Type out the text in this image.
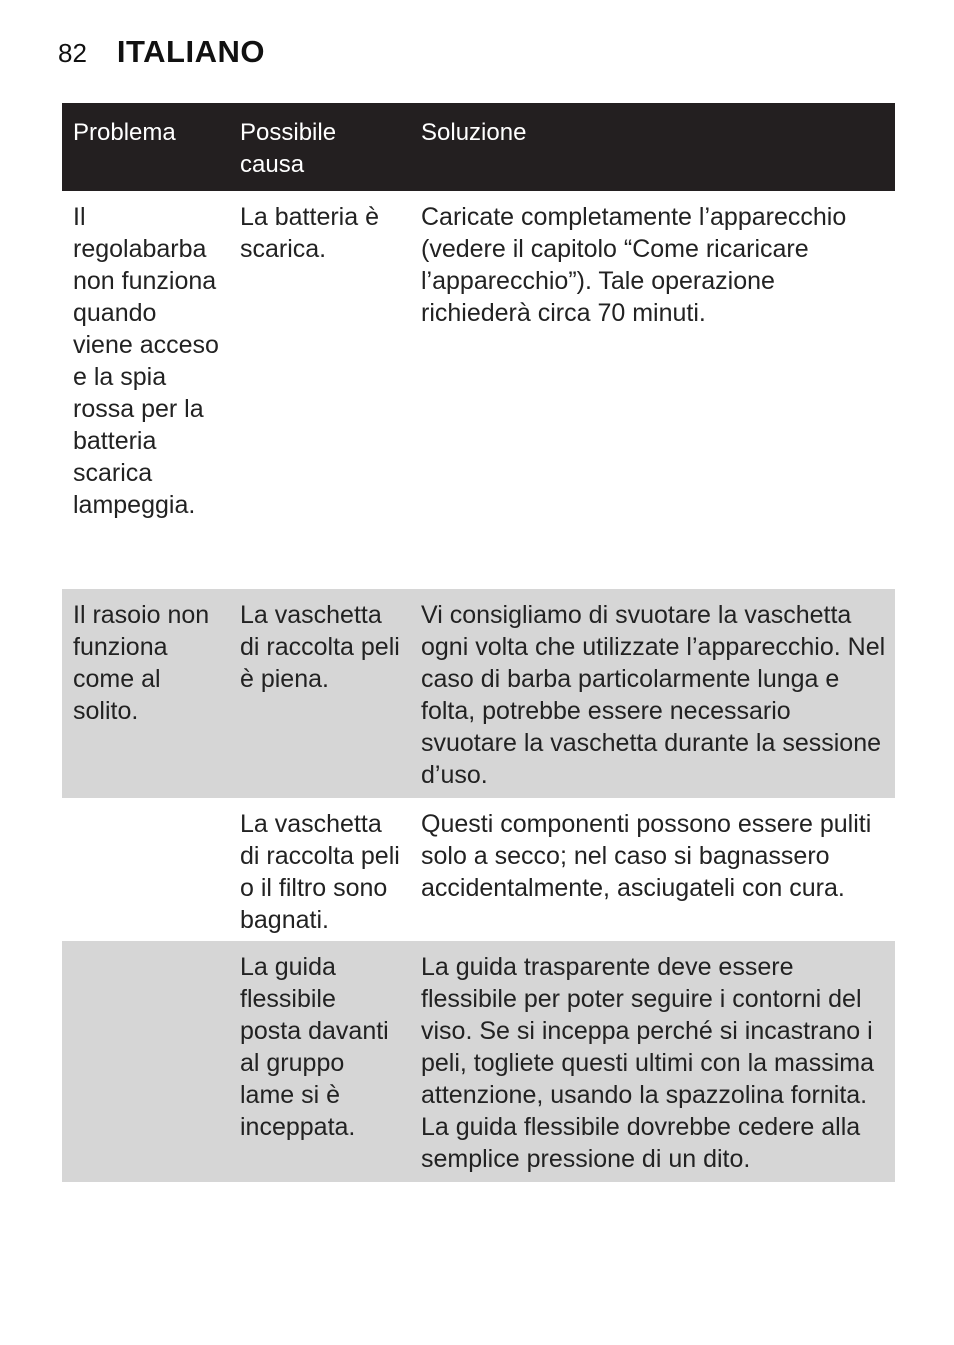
82 ITALIANO
Problema	Possibile causa
Soluzione
Il regolabarba non funziona quando viene acceso e la spia rossa per la batteria scarica lampeggia.
La batteria è scarica.
Caricate completamente l’apparecchio (vedere il capitolo “Come ricaricare l’apparecchio”). Tale operazione richiederà circa 70 minuti.
Il rasoio non funziona come al solito.
La vaschetta di raccolta peli è piena.
Vi consigliamo di svuotare la vaschetta ogni volta che utilizzate l’apparecchio. Nel caso di barba particolarmente lunga e folta, potrebbe essere necessario svuotare la vaschetta durante la sessione d’uso.
La vaschetta di raccolta peli o il filtro sono bagnati.
Questi componenti possono essere puliti solo a secco; nel caso si bagnassero accidentalmente, asciugateli con cura.
La guida flessibile posta davanti al gruppo lame si è inceppata.
La guida trasparente deve essere flessibile per poter seguire i contorni del viso. Se si inceppa perché si incastrano i peli, togliete questi ultimi con la massima attenzione, usando la spazzolina fornita. La guida flessibile dovrebbe cedere alla semplice pressione di un dito.
